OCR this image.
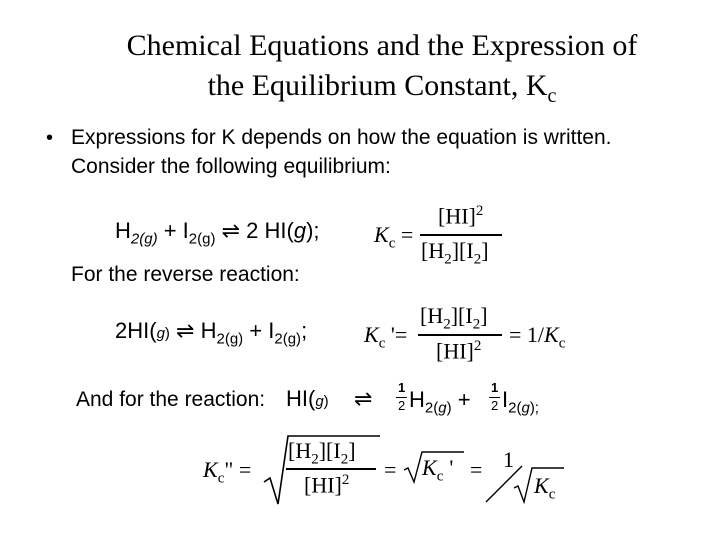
Chemical Equations and the Expression of
the Equilibrium Constant, $K_c$
• Expressions for K depends on how the equation is written.
Consider the following equilibrium:
$H_{2(g)} + I_{2(g)}$ ⇌ 2 HI(g); $K_c$ =
[HI]$^2$
$[H_2][I_2]$
For the reverse reaction:
2HI(g) ⇌ $H_{2(g)} + I_{2(g)}$;	$K_c$ '=
$[H_2][I_2]$
$[HI]^2 = 1/K_c$
And for the reaction: HI(g) ⇌ 1
2 $H_{2(g)} + 1$
2 $I_{2(g);}$
$K_c$" =
$[H_2][I_2]$
$[HI]^2 = K_c$ ' = 1
$K_c$
